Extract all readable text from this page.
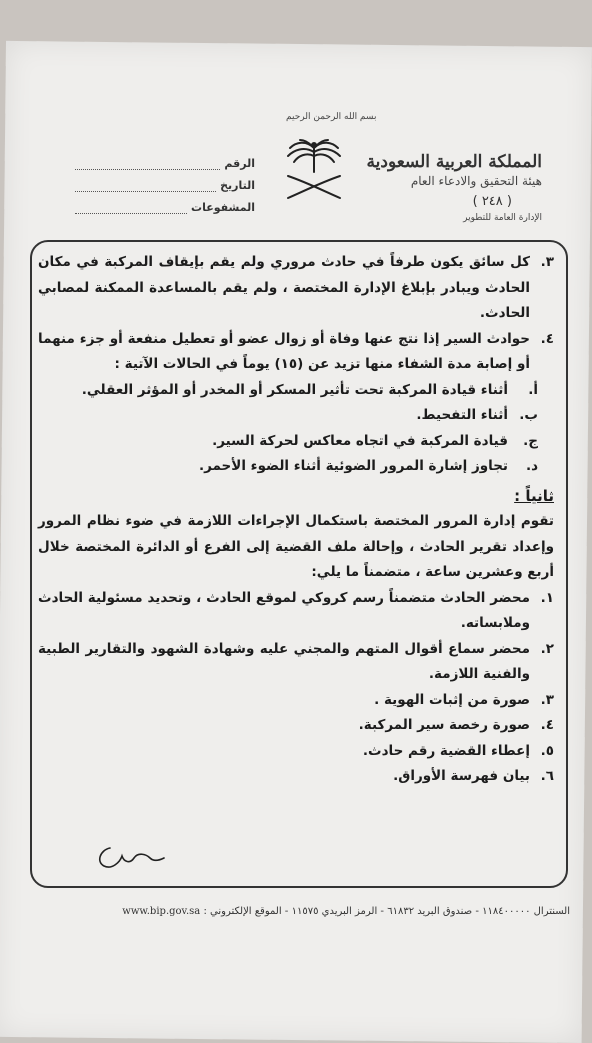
بسم الله الرحمن الرحيم
المملكة العربية السعودية
هيئة التحقيق والادعاء العام
( ٢٤٨ )
الإدارة العامة للتطوير
الرقم
التاريخ
المشفوعات
٣.
كل سائق يكون طرفاً في حادث مروري ولم يقم بإيقاف المركبة في مكان الحادث ويبادر بإبلاغ الإدارة المختصة ، ولم يقم بالمساعدة الممكنة لمصابي الحادث.
٤.
حوادث السير إذا نتج عنها وفاة أو زوال عضو أو تعطيل منفعة أو جزء منهما أو إصابة مدة الشفاء منها تزيد عن (١٥) يوماً في الحالات الآتية :
أ.
أثناء قيادة المركبة تحت تأثير المسكر أو المخدر أو المؤثر العقلي.
ب.
أثناء التفحيط.
ج.
قيادة المركبة في اتجاه معاكس لحركة السير.
د.
تجاوز إشارة المرور الضوئية أثناء الضوء الأحمر.
ثانياً :

تقوم إدارة المرور المختصة باستكمال الإجراءات اللازمة في ضوء نظام المرور وإعداد تقرير الحادث ، وإحالة ملف القضية إلى الفرع أو الدائرة المختصة خلال أربع وعشرين ساعة ، متضمناً ما يلي:

١.
محضر الحادث متضمناً رسم كروكي لموقع الحادث ، وتحديد مسئولية الحادث وملابساته.
٢.
محضر سماع أقوال المتهم والمجني عليه وشهادة الشهود والتقارير الطبية والفنية اللازمة.
٣.
صورة من إثبات الهوية .
٤.
صورة رخصة سير المركبة.
٥.
إعطاء القضية رقم حادث.
٦.
بيان فهرسة الأوراق.
السنترال ١١٨٤٠٠٠٠٠ - صندوق البريد ٦١٨٣٢ - الرمز البريدي ١١٥٧٥ - الموقع الإلكتروني : www.bip.gov.sa
